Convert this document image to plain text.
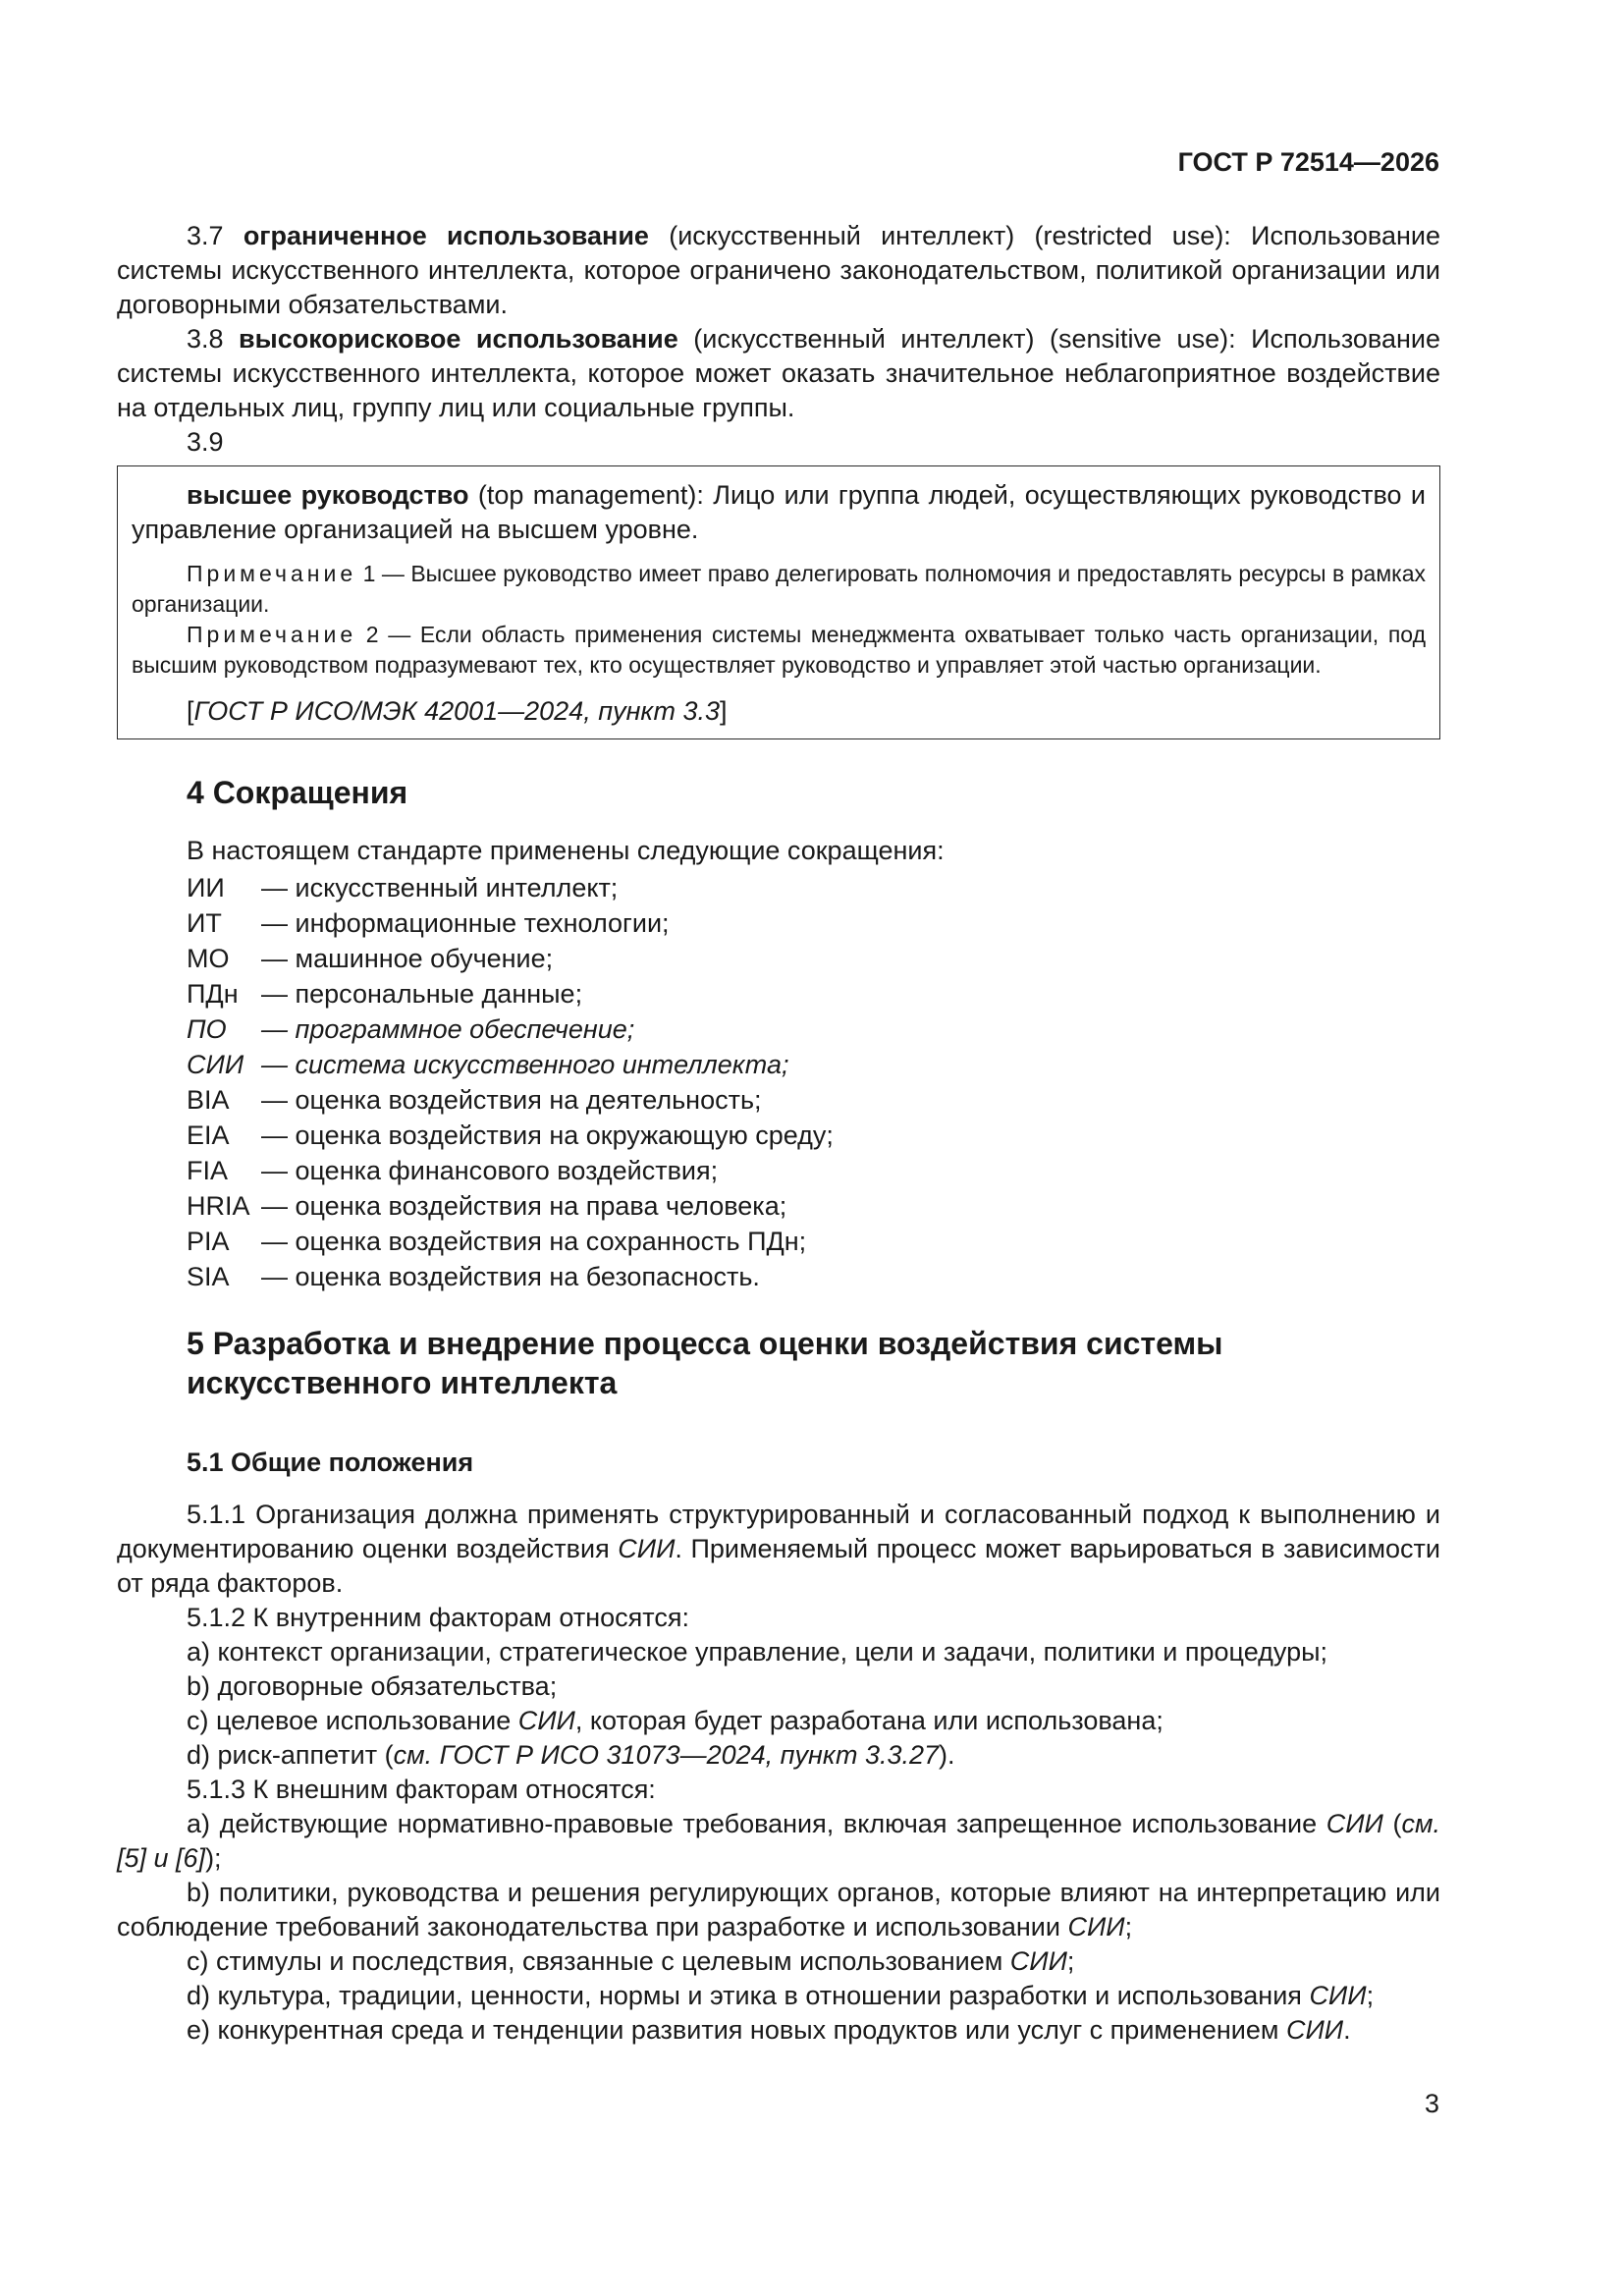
ГОСТ Р 72514—2026

3.7 ограниченное использование (искусственный интеллект) (restricted use): Использование системы искусственного интеллекта, которое ограничено законодательством, политикой организации или договорными обязательствами.

3.8 высокорисковое использование (искусственный интеллект) (sensitive use): Использование системы искусственного интеллекта, которое может оказать значительное неблагоприятное воздействие на отдельных лиц, группу лиц или социальные группы.

3.9

высшее руководство (top management): Лицо или группа людей, осуществляющих руководство и управление организацией на высшем уровне.

Примечание 1 — Высшее руководство имеет право делегировать полномочия и предоставлять ресурсы в рамках организации.

Примечание 2 — Если область применения системы менеджмента охватывает только часть организации, под высшим руководством подразумевают тех, кто осуществляет руководство и управляет этой частью организации.

[ГОСТ Р ИСО/МЭК 42001—2024, пункт 3.3]

4 Сокращения

В настоящем стандарте применены следующие сокращения:

ИИ	— искусственный интеллект;
ИТ	— информационные технологии;
МО	— машинное обучение;
ПДн — персональные данные;
ПО	— программное обеспечение;
СИИ — система искусственного интеллекта;
BIA	— оценка воздействия на деятельность;
EIA	— оценка воздействия на окружающую среду;
FIA	— оценка финансового воздействия;
HRIA — оценка воздействия на права человека;
PIA	— оценка воздействия на сохранность ПДн;
SIA	— оценка воздействия на безопасность.
5 Разработка и внедрение процесса оценки воздействия системы
искусственного интеллекта
5.1 Общие положения

5.1.1 Организация должна применять структурированный и согласованный подход к выполнению и документированию оценки воздействия СИИ. Применяемый процесс может варьироваться в зависимости от ряда факторов.

5.1.2 К внутренним факторам относятся:

a) контекст организации, стратегическое управление, цели и задачи, политики и процедуры;

b) договорные обязательства;

c) целевое использование СИИ, которая будет разработана или использована;

d) риск-аппетит (см. ГОСТ Р ИСО 31073—2024, пункт 3.3.27).

5.1.3 К внешним факторам относятся:

a) действующие нормативно-правовые требования, включая запрещенное использование СИИ (см. [5] и [6]);

b) политики, руководства и решения регулирующих органов, которые влияют на интерпретацию или соблюдение требований законодательства при разработке и использовании СИИ;

c) стимулы и последствия, связанные с целевым использованием СИИ;

d) культура, традиции, ценности, нормы и этика в отношении разработки и использования СИИ;

e) конкурентная среда и тенденции развития новых продуктов или услуг с применением СИИ.

3
